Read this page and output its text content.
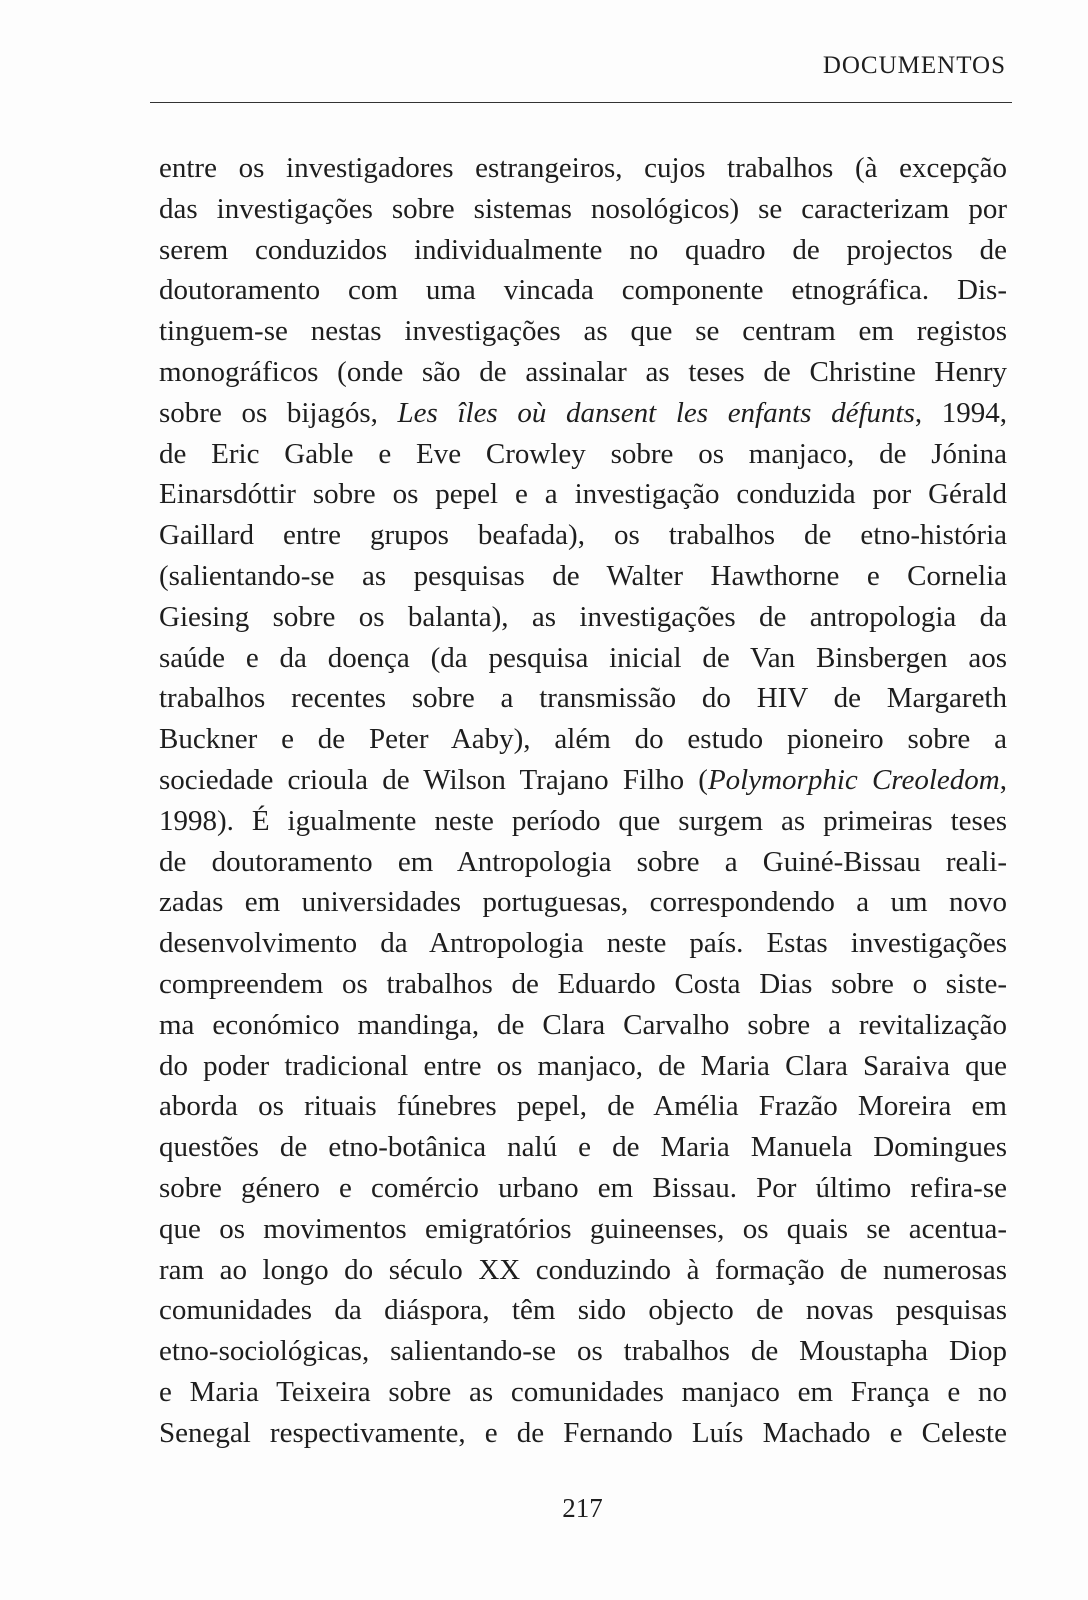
DOCUMENTOS
entre os investigadores estrangeiros, cujos trabalhos (à excepção
das investigações sobre sistemas nosológicos) se caracterizam por
serem conduzidos individualmente no quadro de projectos de
doutoramento com uma vincada componente etnográfica. Dis-
tinguem-se nestas investigações as que se centram em registos
monográficos (onde são de assinalar as teses de Christine Henry
sobre os bijagós, Les îles où dansent les enfants défunts, 1994,
de Eric Gable e Eve Crowley sobre os manjaco, de Jónina
Einarsdóttir sobre os pepel e a investigação conduzida por Gérald
Gaillard entre grupos beafada), os trabalhos de etno-história
(salientando-se as pesquisas de Walter Hawthorne e Cornelia
Giesing sobre os balanta), as investigações de antropologia da
saúde e da doença (da pesquisa inicial de Van Binsbergen aos
trabalhos recentes sobre a transmissão do HIV de Margareth
Buckner e de Peter Aaby), além do estudo pioneiro sobre a
sociedade crioula de Wilson Trajano Filho (Polymorphic Creoledom,
1998). É igualmente neste período que surgem as primeiras teses
de doutoramento em Antropologia sobre a Guiné-Bissau reali-
zadas em universidades portuguesas, correspondendo a um novo
desenvolvimento da Antropologia neste país. Estas investigações
compreendem os trabalhos de Eduardo Costa Dias sobre o siste-
ma económico mandinga, de Clara Carvalho sobre a revitalização
do poder tradicional entre os manjaco, de Maria Clara Saraiva que
aborda os rituais fúnebres pepel, de Amélia Frazão Moreira em
questões de etno-botânica nalú e de Maria Manuela Domingues
sobre género e comércio urbano em Bissau. Por último refira-se
que os movimentos emigratórios guineenses, os quais se acentua-
ram ao longo do século XX conduzindo à formação de numerosas
comunidades da diáspora, têm sido objecto de novas pesquisas
etno-sociológicas, salientando-se os trabalhos de Moustapha Diop
e Maria Teixeira sobre as comunidades manjaco em França e no
Senegal respectivamente, e de Fernando Luís Machado e Celeste

217
